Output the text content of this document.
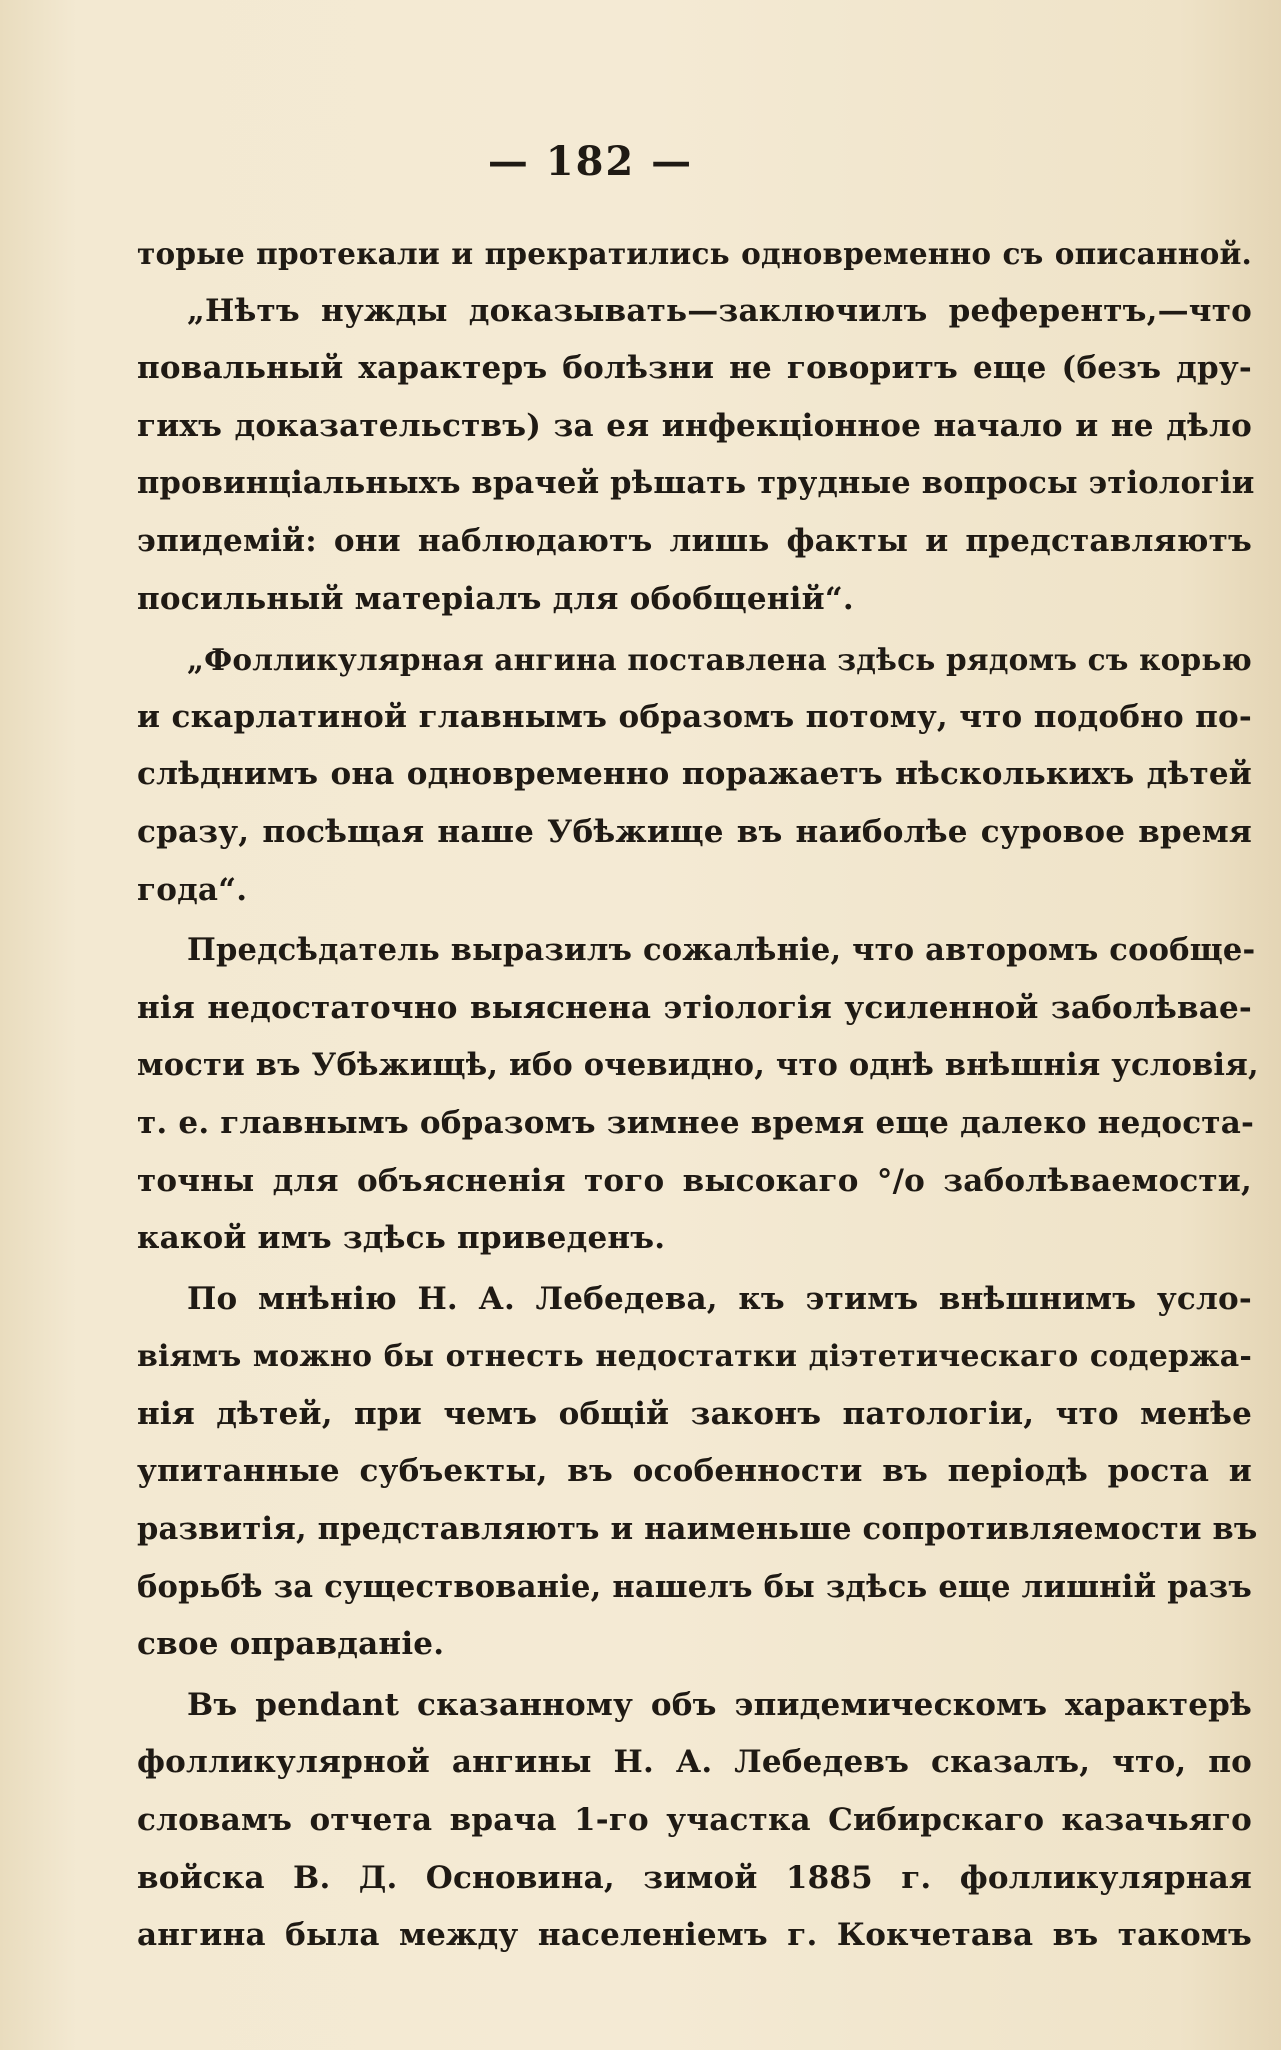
— 182 —
торые протекали и прекратились одновременно съ описанной.
„Нѣтъ нужды доказывать—заключилъ референтъ,—что
повальный характеръ болѣзни не говоритъ еще (безъ дру-
гихъ доказательствъ) за ея инфекціонное начало и не дѣло
провинціальныхъ врачей рѣшать трудные вопросы этіологіи
эпидемій: они наблюдаютъ лишь факты и представляютъ
посильный матеріалъ для обобщеній“.
„Фолликулярная ангина поставлена здѣсь рядомъ съ корью
и скарлатиной главнымъ образомъ потому, что подобно по-
слѣднимъ она одновременно поражаетъ нѣсколькихъ дѣтей
сразу, посѣщая наше Убѣжище въ наиболѣе суровое время
года“.
Предсѣдатель выразилъ сожалѣніе, что авторомъ сообще-
нія недостаточно выяснена этіологія усиленной заболѣвае-
мости въ Убѣжищѣ, ибо очевидно, что однѣ внѣшнія условія,
т. е. главнымъ образомъ зимнее время еще далеко недоста-
точны для объясненія того высокаго °/о заболѣваемости,
какой имъ здѣсь приведенъ.
По мнѣнію Н. А. Лебедева, къ этимъ внѣшнимъ усло-
віямъ можно бы отнесть недостатки діэтетическаго содержа-
нія дѣтей, при чемъ общій законъ патологіи, что менѣе
упитанные субъекты, въ особенности въ періодѣ роста и
развитія, представляютъ и наименьше сопротивляемости въ
борьбѣ за существованіе, нашелъ бы здѣсь еще лишній разъ
свое оправданіе.
Въ pendant сказанному объ эпидемическомъ характерѣ
фолликулярной ангины Н. А. Лебедевъ сказалъ, что, по
словамъ отчета врача 1-го участка Сибирскаго казачьяго
войска В. Д. Основина, зимой 1885 г. фолликулярная
ангина была между населеніемъ г. Кокчетава въ такомъ
